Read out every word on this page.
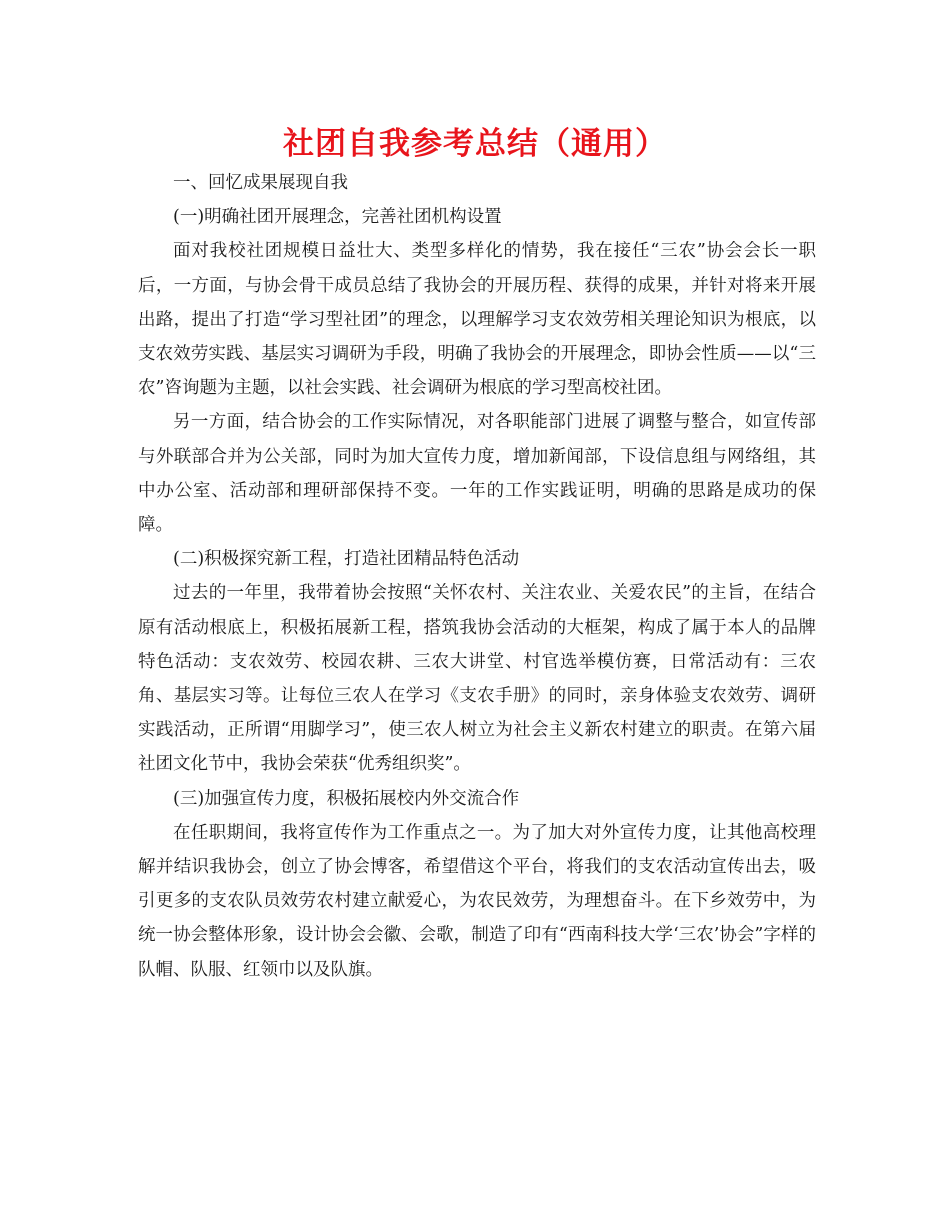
社团自我参考总结（通用）

一、回忆成果展现自我

(一)明确社团开展理念，完善社团机构设置

面对我校社团规模日益壮大、类型多样化的情势，我在接任“三农”协会会长一职后，一方面，与协会骨干成员总结了我协会的开展历程、获得的成果，并针对将来开展出路，提出了打造“学习型社团”的理念，以理解学习支农效劳相关理论知识为根底，以支农效劳实践、基层实习调研为手段，明确了我协会的开展理念，即协会性质——以“三农”咨询题为主题，以社会实践、社会调研为根底的学习型高校社团。

另一方面，结合协会的工作实际情况，对各职能部门进展了调整与整合，如宣传部与外联部合并为公关部，同时为加大宣传力度，增加新闻部，下设信息组与网络组，其中办公室、活动部和理研部保持不变。一年的工作实践证明，明确的思路是成功的保障。

(二)积极探究新工程，打造社团精品特色活动

过去的一年里，我带着协会按照“关怀农村、关注农业、关爱农民”的主旨，在结合原有活动根底上，积极拓展新工程，搭筑我协会活动的大框架，构成了属于本人的品牌特色活动：支农效劳、校园农耕、三农大讲堂、村官选举模仿赛，日常活动有：三农角、基层实习等。让每位三农人在学习《支农手册》的同时，亲身体验支农效劳、调研实践活动，正所谓“用脚学习”，使三农人树立为社会主义新农村建立的职责。在第六届社团文化节中，我协会荣获“优秀组织奖”。

(三)加强宣传力度，积极拓展校内外交流合作

在任职期间，我将宣传作为工作重点之一。为了加大对外宣传力度，让其他高校理解并结识我协会，创立了协会博客，希望借这个平台，将我们的支农活动宣传出去，吸引更多的支农队员效劳农村建立献爱心，为农民效劳，为理想奋斗。在下乡效劳中，为统一协会整体形象，设计协会会徽、会歌，制造了印有“西南科技大学‘三农’协会”字样的队帽、队服、红领巾以及队旗。
